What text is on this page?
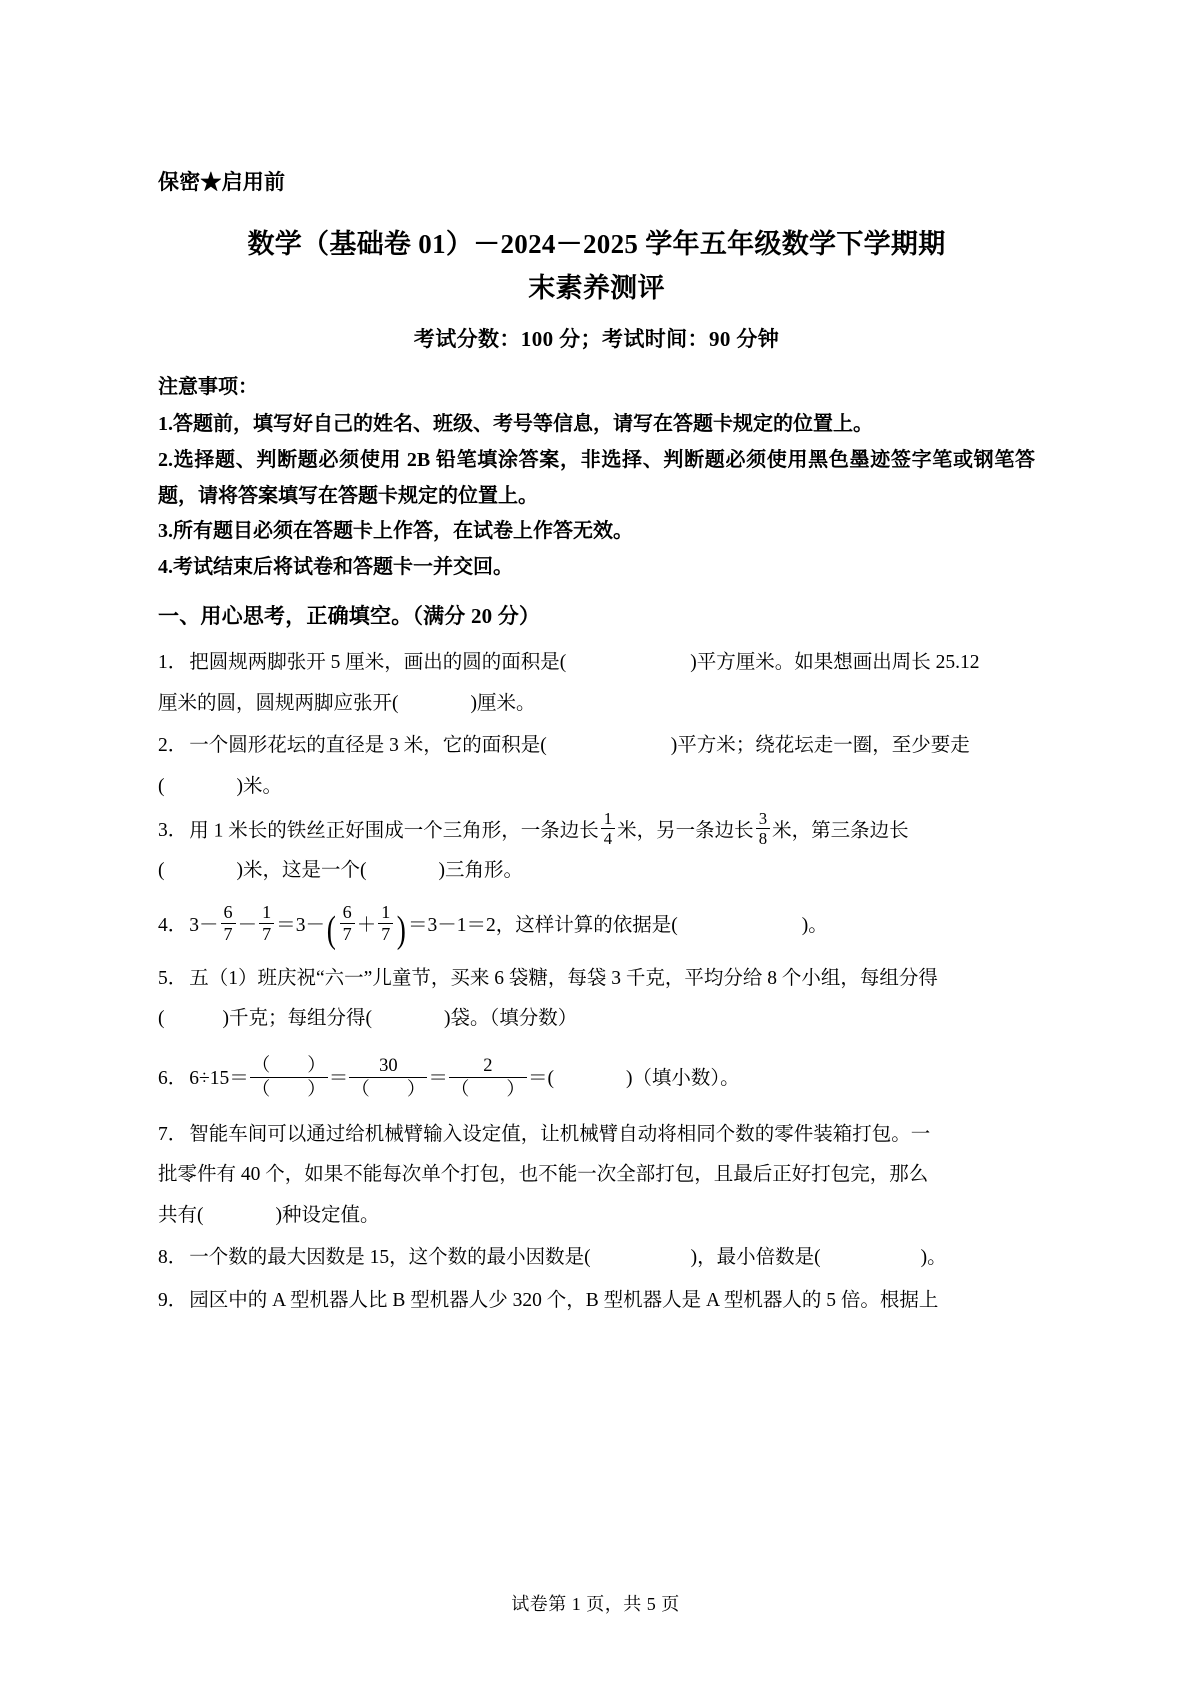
保密★启用前
数学（基础卷 01）－2024－2025 学年五年级数学下学期期
末素养测评
考试分数：100 分；考试时间：90 分钟
注意事项：
1.答题前，填写好自己的姓名、班级、考号等信息，请写在答题卡规定的位置上。
2.选择题、判断题必须使用 2B 铅笔填涂答案，非选择、判断题必须使用黑色墨迹签字笔或钢笔答题，请将答案填写在答题卡规定的位置上。
3.所有题目必须在答题卡上作答，在试卷上作答无效。
4.考试结束后将试卷和答题卡一并交回。
一、用心思考，正确填空。（满分 20 分）
1． 把圆规两脚张开 5 厘米，画出的圆的面积是(	)平方厘米。如果想画出周长 25.12
厘米的圆，圆规两脚应张开(	)厘米。
2． 一个圆形花坛的直径是 3 米，它的面积是(	)平方米；绕花坛走一圈，至少要走
(	)米。
3． 用 1 米长的铁丝正好围成一个三角形，一条边长 $\frac{1}{4}$ 米，另一条边长 $\frac{3}{8}$ 米，第三条边长
(	)米，这是一个(	)三角形。
4． $3- \frac{6}{7} - \frac{1}{7} =3-( \frac{6}{7} + \frac{1}{7} )=3-1=2$，这样计算的依据是(	)。
5． 五（1）班庆祝“六一”儿童节，买来 6 袋糖，每袋 3 千克，平均分给 8 个小组，每组分得
(	)千克；每组分得(	)袋。（填分数）
6． $6\div 15= \frac{( )}{( )} = \frac{30}{( )} = \frac{2}{( )}$ ＝(	)（填小数）。
7． 智能车间可以通过给机械臂输入设定值，让机械臂自动将相同个数的零件装箱打包。一
批零件有 40 个，如果不能每次单个打包，也不能一次全部打包，且最后正好打包完，那么
共有(	)种设定值。
8． 一个数的最大因数是 15，这个数的最小因数是(	)，最小倍数是(	)。
9． 园区中的 A 型机器人比 B 型机器人少 320 个，B 型机器人是 A 型机器人的 5 倍。根据上
试卷第 1 页，共 5 页
